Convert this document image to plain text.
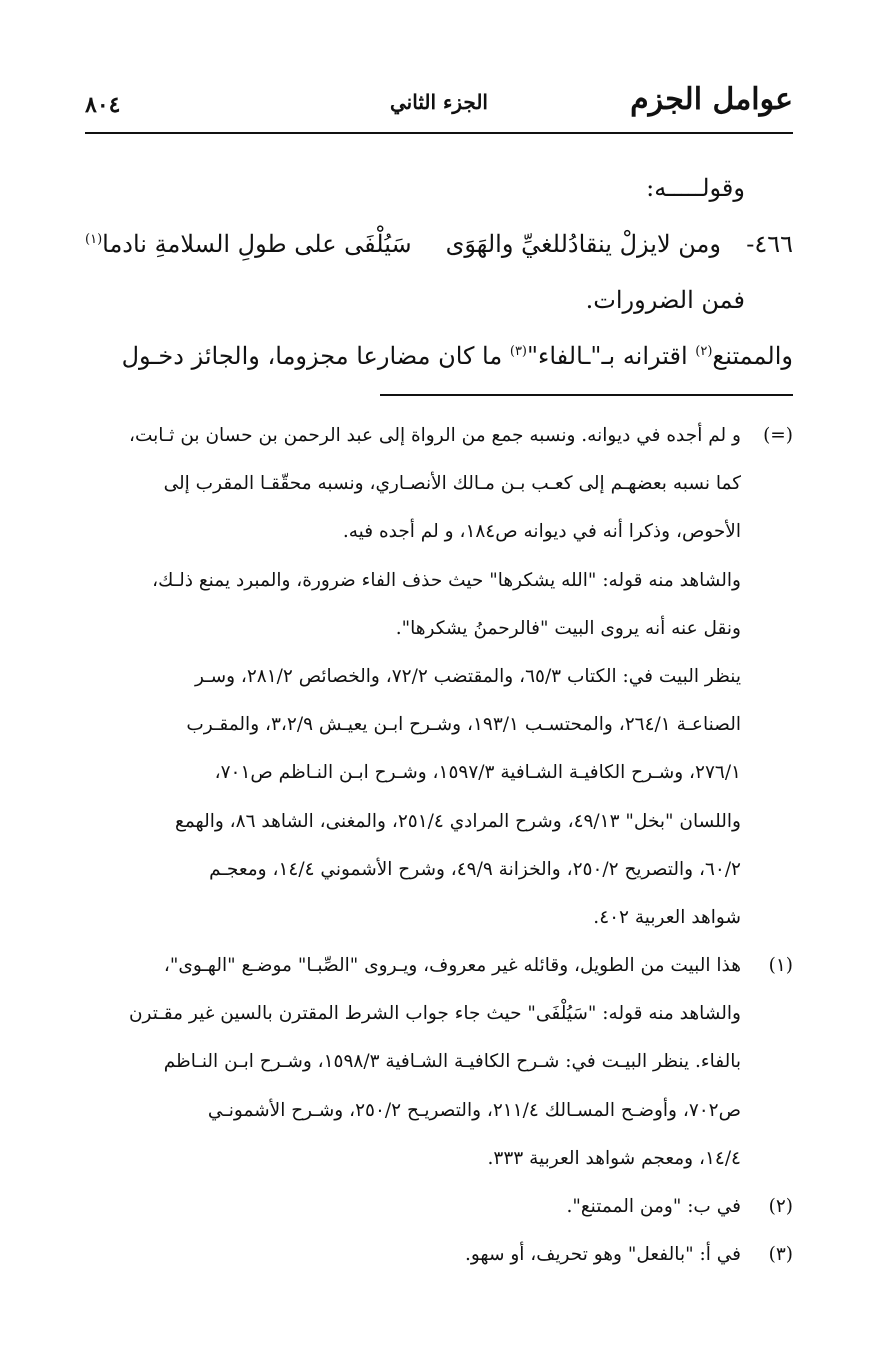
عوامل الجزم
الجزء الثاني
٨٠٤
وقولـــــه:
٤٦٦-
ومن لايزلْ ينقادُللغيِّ والهَوَى
سَيُلْفَى على طولِ السلامةِ نادما$^{(١)}$
فمن الضرورات.
والممتنع$^{(٢)}$ اقترانه بـ"ـالفاء"$^{(٣)}$ ما كان مضارعا مجزوما، والجائز دخـول
(=)
و لم أجده في ديوانه. ونسبه جمع من الرواة إلى عبد الرحمن بن حسان بن ثـابت،
كما نسبه بعضهـم إلى كعـب بـن مـالك الأنصـاري، ونسبه محقّقـا المقرب إلى
الأحوص، وذكرا أنه في ديوانه ص١٨٤، و لم أجده فيه.
والشاهد منه قوله: "الله يشكرها" حيث حذف الفاء ضرورة، والمبرد يمنع ذلـك،
ونقل عنه أنه يروى البيت "فالرحمنُ يشكرها".
ينظر البيت في: الكتاب ٦٥/٣، والمقتضب ٧٢/٢، والخصائص ٢٨١/٢، وسـر
الصناعـة ٢٦٤/١، والمحتسـب ١٩٣/١، وشـرح ابـن يعيـش ٣،٢/٩، والمقـرب
٢٧٦/١، وشـرح الكافيـة الشـافية ١٥٩٧/٣، وشـرح ابـن النـاظم ص٧٠١،
واللسان "بخل" ٤٩/١٣، وشرح المرادي ٢٥١/٤، والمغنى، الشاهد ٨٦، والهمع
٦٠/٢، والتصريح ٢٥٠/٢، والخزانة ٤٩/٩، وشرح الأشموني ١٤/٤، ومعجـم
شواهد العربية ٤٠٢.
(١)
هذا البيت من الطويل، وقائله غير معروف، ويـروى "الصِّبـا" موضـع "الهـوى"،
والشاهد منه قوله: "سَيُلْفَى" حيث جاء جواب الشرط المقترن بالسين غير مقـترن
بالفاء. ينظر البيـت في: شـرح الكافيـة الشـافية ١٥٩٨/٣، وشـرح ابـن النـاظم
ص٧٠٢، وأوضـح المسـالك ٢١١/٤، والتصريـح ٢٥٠/٢، وشـرح الأشمونـي
١٤/٤، ومعجم شواهد العربية ٣٣٣.
(٢)
في ب: "ومن الممتنع".
(٣)
في أ: "بالفعل" وهو تحريف، أو سهو.
